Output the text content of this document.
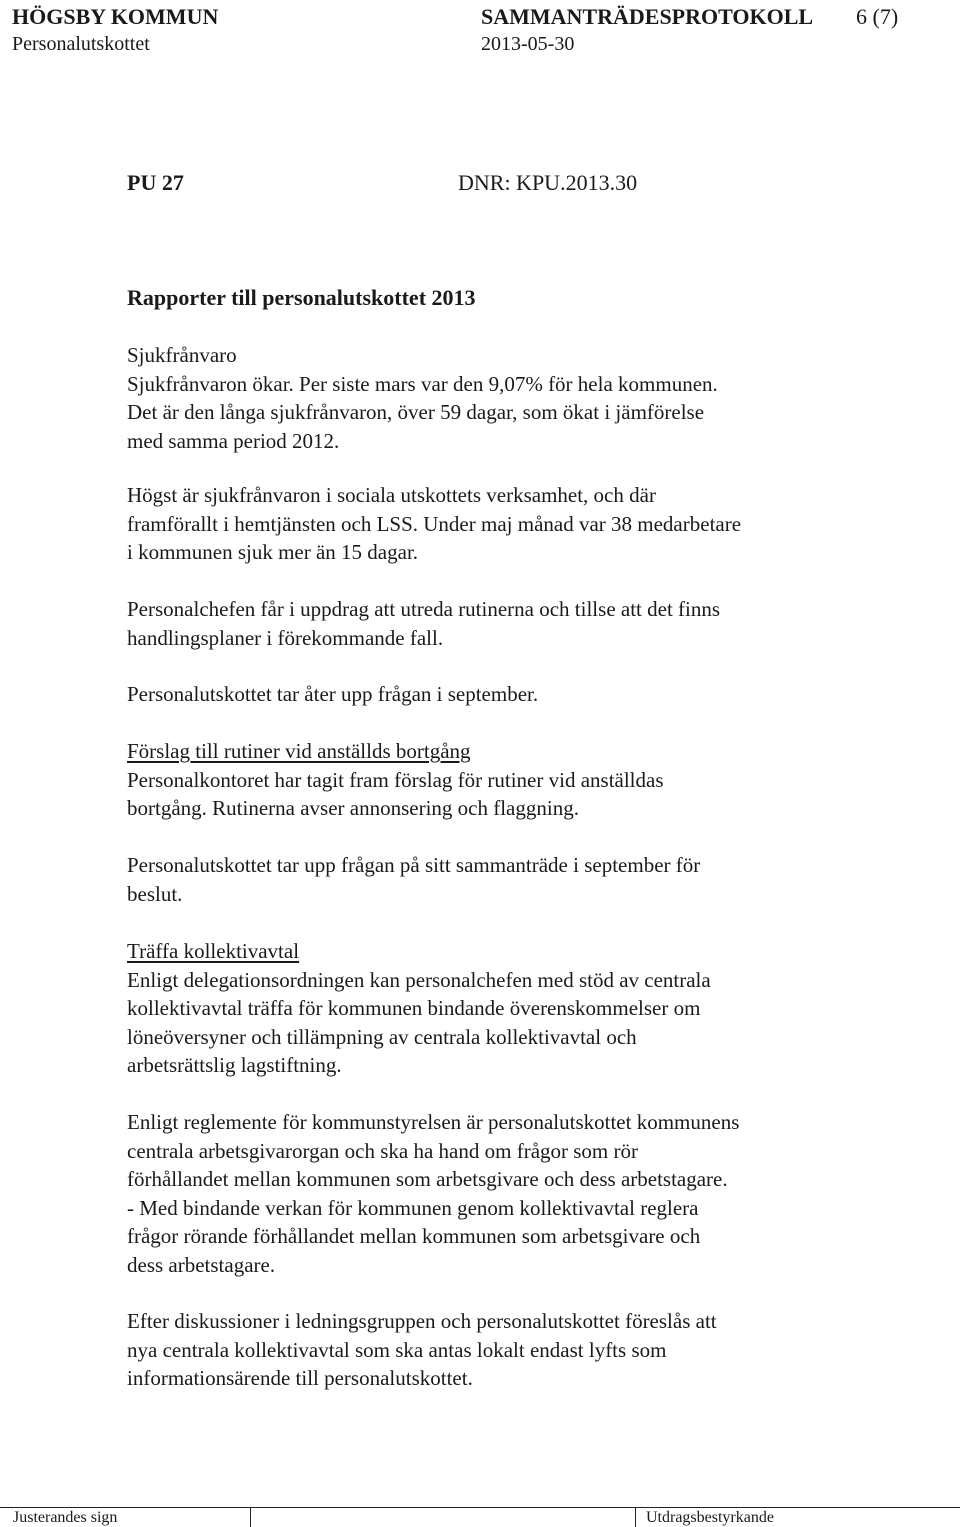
HÖGSBY KOMMUN	SAMMANTRÄDESPROTOKOLL 6 (7)
Personalutskottet	2013-05-30
PU 27	DNR: KPU.2013.30
Rapporter till personalutskottet 2013
Sjukfrånvaro
Sjukfrånvaron ökar. Per siste mars var den 9,07% för hela kommunen.
Det är den långa sjukfrånvaron, över 59 dagar, som ökat i jämförelse
med samma period 2012.
Högst är sjukfrånvaron i sociala utskottets verksamhet, och där
framförallt i hemtjänsten och LSS. Under maj månad var 38 medarbetare
i kommunen sjuk mer än 15 dagar.
Personalchefen får i uppdrag att utreda rutinerna och tillse att det finns
handlingsplaner i förekommande fall.
Personalutskottet tar åter upp frågan i september.
Förslag till rutiner vid anställds bortgång
Personalkontoret har tagit fram förslag för rutiner vid anställdas
bortgång. Rutinerna avser annonsering och flaggning.
Personalutskottet tar upp frågan på sitt sammanträde i september för
beslut.
Träffa kollektivavtal
Enligt delegationsordningen kan personalchefen med stöd av centrala
kollektivavtal träffa för kommunen bindande överenskommelser om
löneöversyner och tillämpning av centrala kollektivavtal och
arbetsrättslig lagstiftning.
Enligt reglemente för kommunstyrelsen är personalutskottet kommunens
centrala arbetsgivarorgan och ska ha hand om frågor som rör
förhållandet mellan kommunen som arbetsgivare och dess arbetstagare.
- Med bindande verkan för kommunen genom kollektivavtal reglera
frågor rörande förhållandet mellan kommunen som arbetsgivare och
dess arbetstagare.
Efter diskussioner i ledningsgruppen och personalutskottet föreslås att
nya centrala kollektivavtal som ska antas lokalt endast lyfts som
informationsärende till personalutskottet.
Justerandes sign	Utdragsbestyrkande
